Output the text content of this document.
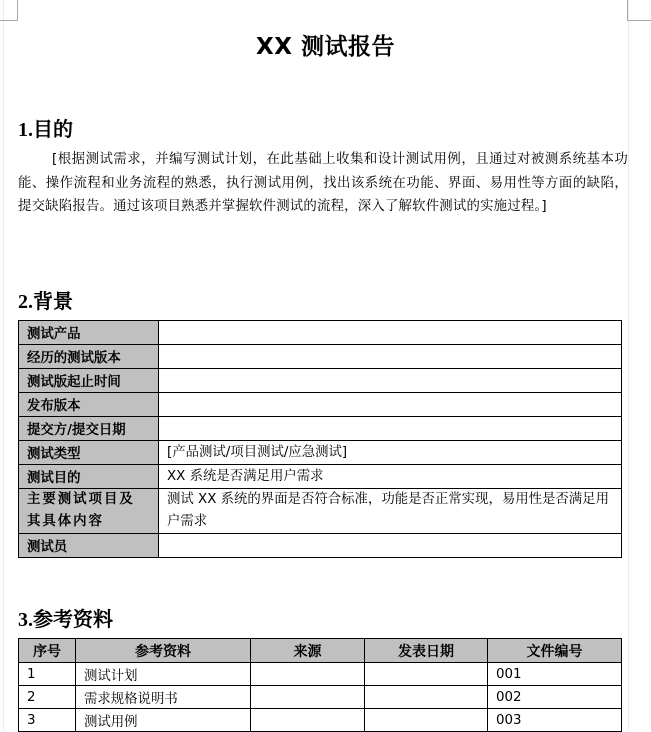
XX 测试报告
1.目的
[根据测试需求，并编写测试计划，在此基础上收集和设计测试用例，且通过对被测系统基本功能、操作流程和业务流程的熟悉，执行测试用例，找出该系统在功能、界面、易用性等方面的缺陷，提交缺陷报告。通过该项目熟悉并掌握软件测试的流程，深入了解软件测试的实施过程。]
2.背景
测试产品	
经历的测试版本	
测试版起止时间	
发布版本	
提交方/提交日期	
测试类型	[产品测试/项目测试/应急测试]
测试目的	XX 系统是否满足用户需求
主要测试项目及其具体内容	测试 XX 系统的界面是否符合标准，功能是否正常实现，易用性是否满足用户需求
测试员	
3.参考资料
序号	参考资料	来源	发表日期	文件编号
1	测试计划			001
2	需求规格说明书			002
3	测试用例			003
